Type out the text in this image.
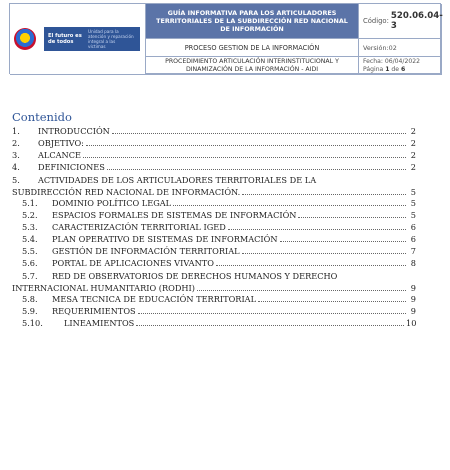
El futuro es de todos
Unidad para la atención y reparación integral a las víctimas
GUÍA INFORMATIVA PARA LOS ARTICULADORES TERRITORIALES DE LA SUBDIRECCIÓN RED NACIONAL DE INFORMACIÓN
Código: 520.06.04-3
PROCESO GESTION DE LA INFORMACIÓN	Versión:02
PROCEDIMIENTO ARTICULACIÓN INTERINSTITUCIONAL Y DINAMIZACIÓN DE LA INFORMACIÓN - AIDI
Fecha: 06/04/2022
Página 1 de 6
Contenido
1.	INTRODUCCIÓN	2
2.	OBJETIVO:	2
3.	ALCANCE	2
4.	DEFINICIONES	2
5.	ACTIVIDADES DE LOS ARTICULADORES TERRITORIALES DE LA
SUBDIRECCIÓN RED NACIONAL DE INFORMACIÓN.	5
5.1.	DOMINIO POLÍTICO LEGAL	5
5.2.	ESPACIOS FORMALES DE SISTEMAS DE INFORMACIÓN	5
5.3.	CARACTERIZACIÓN TERRITORIAL IGED	6
5.4.	PLAN OPERATIVO DE SISTEMAS DE INFORMACIÓN	6
5.5.	GESTIÓN DE INFORMACIÓN TERRITORIAL	7
5.6.	PORTAL DE APLICACIONES VIVANTO	8
5.7.	RED DE OBSERVATORIOS DE DERECHOS HUMANOS Y DERECHO
INTERNACIONAL HUMANITARIO (RODHI)	9
5.8.	MESA TECNICA DE EDUCACIÓN TERRITORIAL	9
5.9.	REQUERIMIENTOS	9
5.10.	LINEAMIENTOS	10
